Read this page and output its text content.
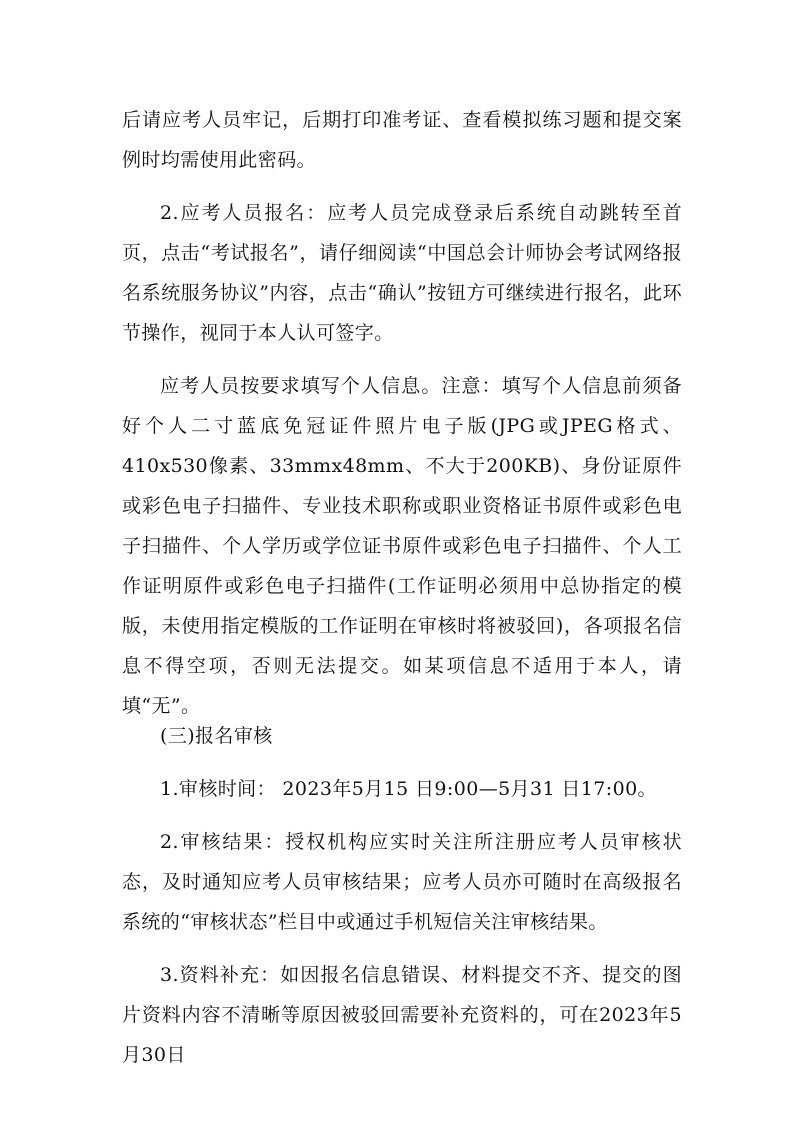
后请应考人员牢记，后期打印准考证、查看模拟练习题和提交案例时均需使用此密码。

2.应考人员报名：应考人员完成登录后系统自动跳转至首页，点击“考试报名”，请仔细阅读“中国总会计师协会考试网络报名系统服务协议”内容，点击“确认”按钮方可继续进行报名，此环节操作，视同于本人认可签字。

应考人员按要求填写个人信息。注意：填写个人信息前须备好个人二寸蓝底免冠证件照片电子版(JPG或JPEG格式、410x530像素、33mmx48mm、不大于200KB)、身份证原件或彩色电子扫描件、专业技术职称或职业资格证书原件或彩色电子扫描件、个人学历或学位证书原件或彩色电子扫描件、个人工作证明原件或彩色电子扫描件(工作证明必须用中总协指定的模版，未使用指定模版的工作证明在审核时将被驳回)，各项报名信息不得空项，否则无法提交。如某项信息不适用于本人，请填“无”。

(三)报名审核

1.审核时间： 2023年5月15 日9:00—5月31 日17:00。

2.审核结果：授权机构应实时关注所注册应考人员审核状态，及时通知应考人员审核结果；应考人员亦可随时在高级报名系统的“审核状态”栏目中或通过手机短信关注审核结果。

3.资料补充：如因报名信息错误、材料提交不齐、提交的图片资料内容不清晰等原因被驳回需要补充资料的，可在2023年5月30日
